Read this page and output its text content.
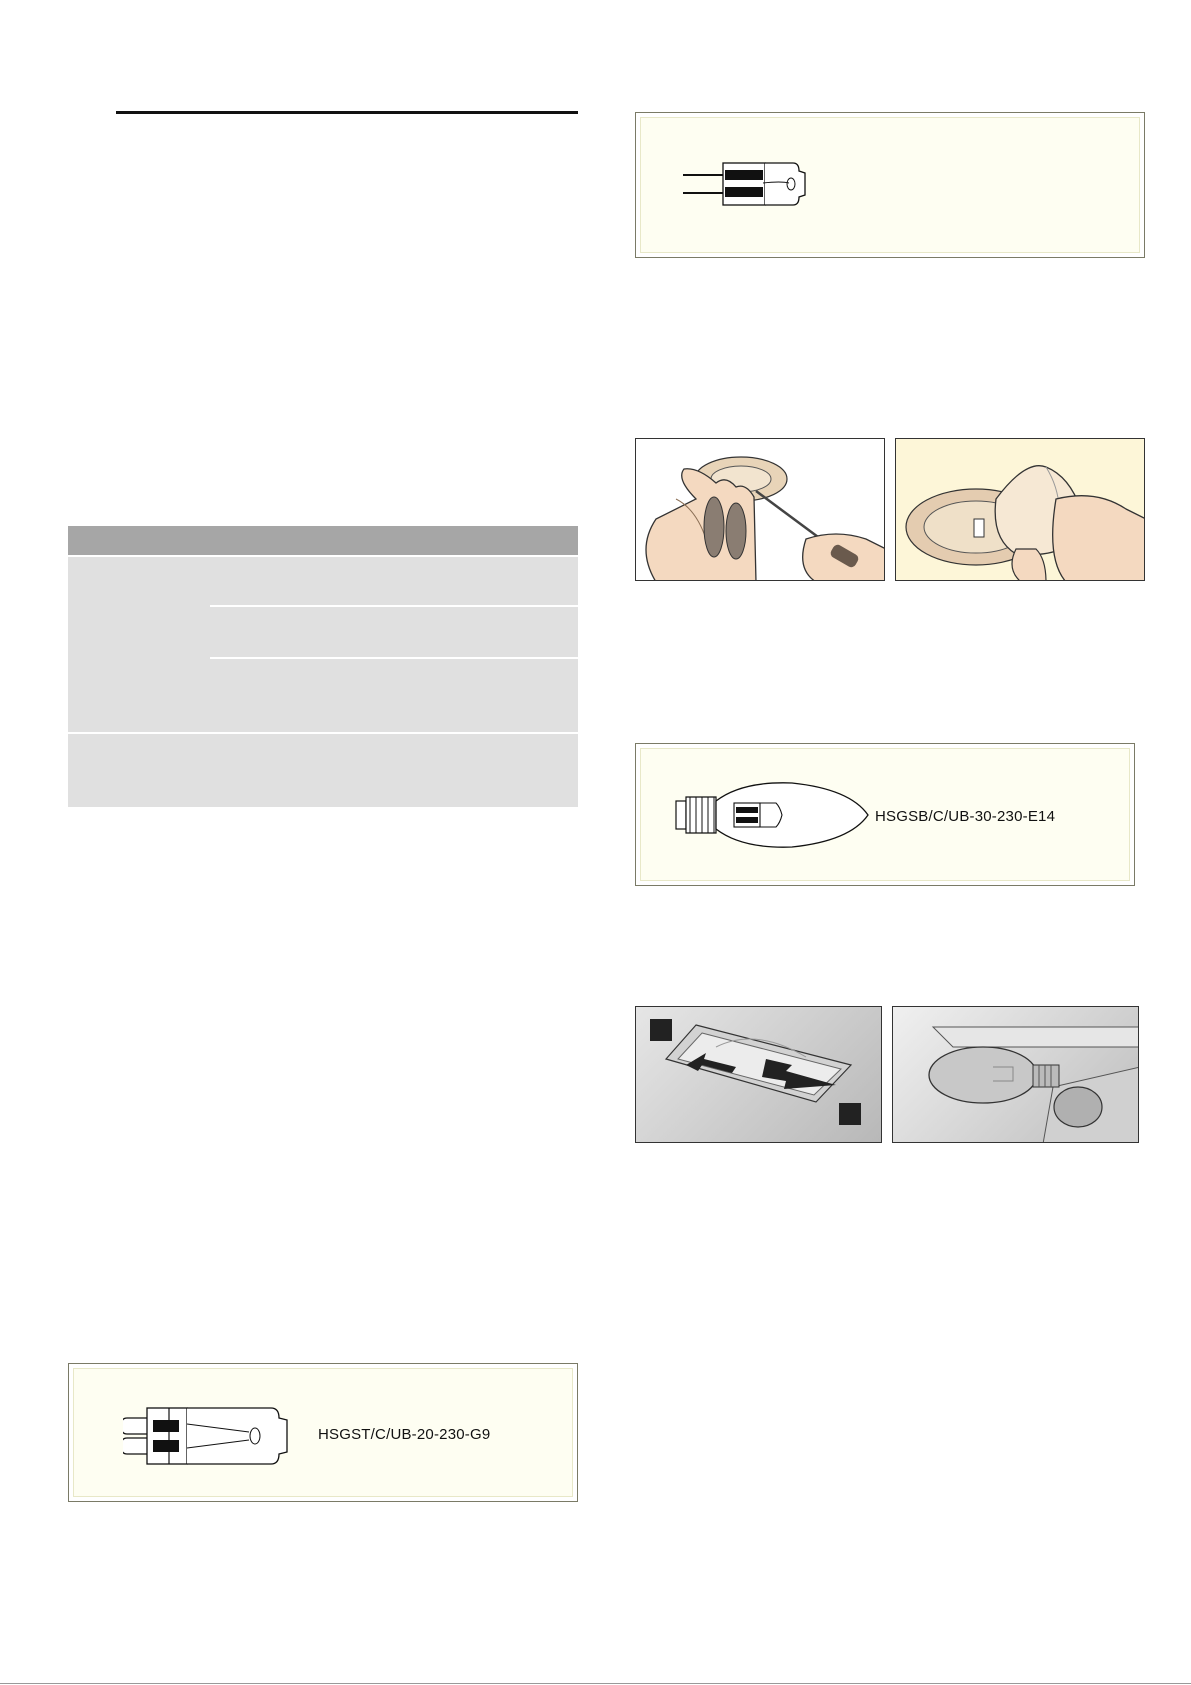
HSGSB/C/UB-30-230-E14
HSGST/C/UB-20-230-G9
